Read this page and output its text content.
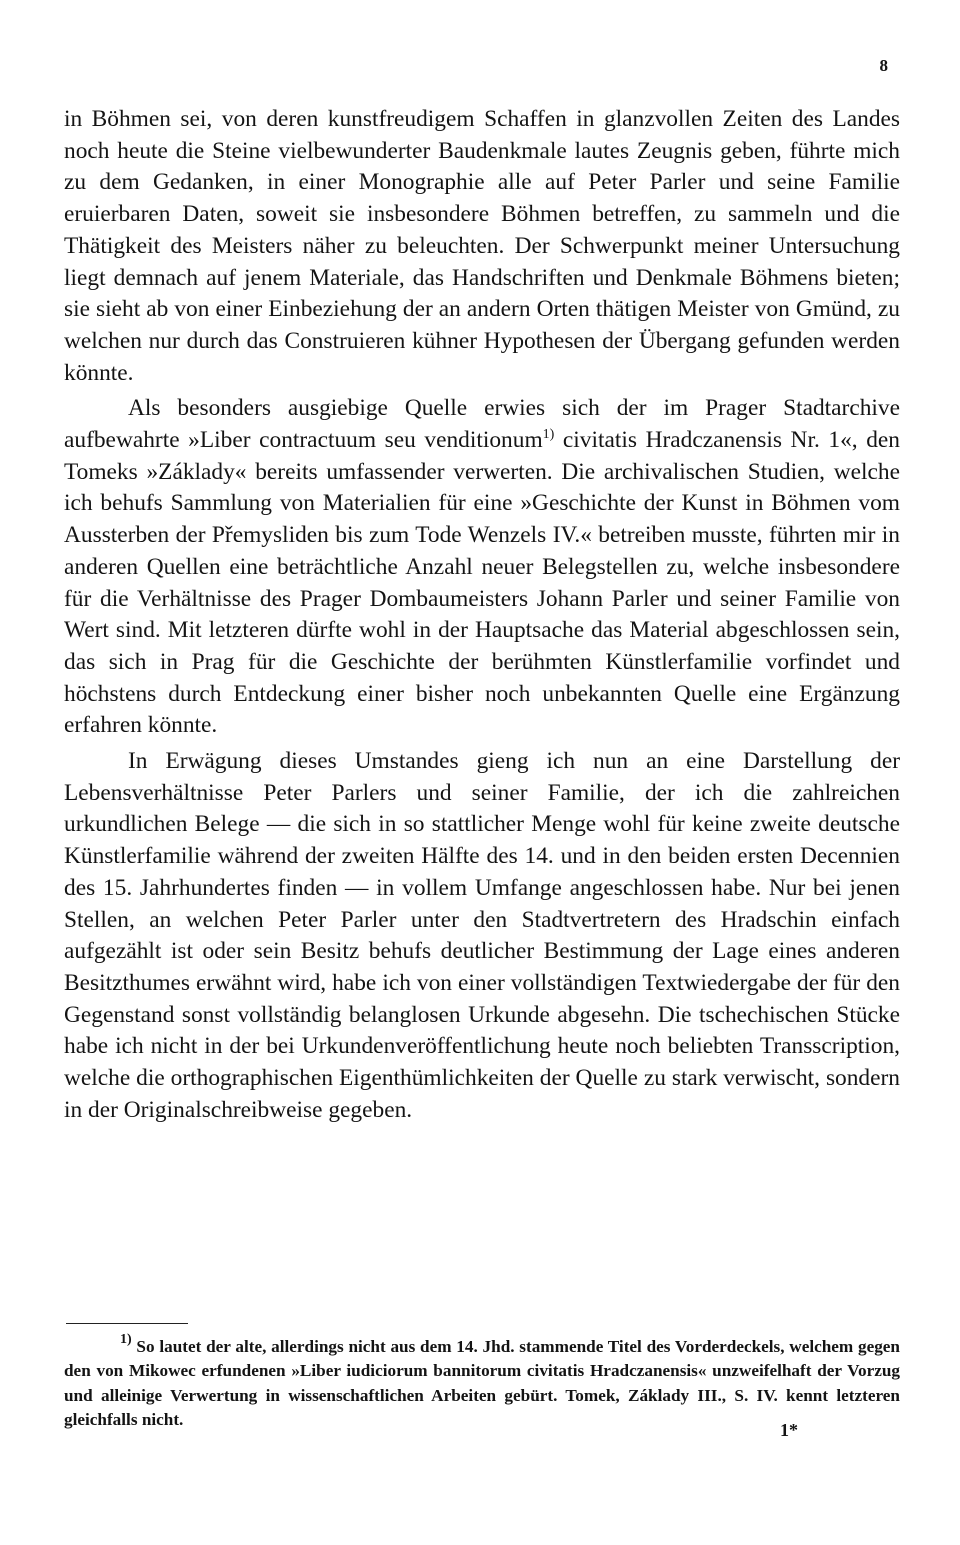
8

in Böhmen sei, von deren kunstfreudigem Schaffen in glanzvollen Zeiten des Landes noch heute die Steine vielbewunderter Baudenkmale lautes Zeugnis geben, führte mich zu dem Gedanken, in einer Monographie alle auf Peter Parler und seine Familie eruierbaren Daten, soweit sie insbesondere Böhmen betreffen, zu sammeln und die Thätigkeit des Meisters näher zu beleuchten. Der Schwerpunkt meiner Untersuchung liegt demnach auf jenem Materiale, das Handschriften und Denkmale Böhmens bieten; sie sieht ab von einer Einbeziehung der an andern Orten thätigen Meister von Gmünd, zu welchen nur durch das Construieren kühner Hypothesen der Übergang gefunden werden könnte.

Als besonders ausgiebige Quelle erwies sich der im Prager Stadtarchive aufbewahrte »Liber contractuum seu venditionum$^{1)}$ civitatis Hradczanensis Nr. 1«, den Tomeks »Základy« bereits umfassender verwerten. Die archivalischen Studien, welche ich behufs Sammlung von Materialien für eine »Geschichte der Kunst in Böhmen vom Aussterben der Přemysliden bis zum Tode Wenzels IV.« betreiben musste, führten mir in anderen Quellen eine beträchtliche Anzahl neuer Belegstellen zu, welche insbesondere für die Verhältnisse des Prager Dombaumeisters Johann Parler und seiner Familie von Wert sind. Mit letzteren dürfte wohl in der Hauptsache das Material abgeschlossen sein, das sich in Prag für die Geschichte der berühmten Künstlerfamilie vorfindet und höchstens durch Entdeckung einer bisher noch unbekannten Quelle eine Ergänzung erfahren könnte.

In Erwägung dieses Umstandes gieng ich nun an eine Darstellung der Lebensverhältnisse Peter Parlers und seiner Familie, der ich die zahlreichen urkundlichen Belege — die sich in so stattlicher Menge wohl für keine zweite deutsche Künstlerfamilie während der zweiten Hälfte des 14. und in den beiden ersten Decennien des 15. Jahrhundertes finden — in vollem Umfange angeschlossen habe. Nur bei jenen Stellen, an welchen Peter Parler unter den Stadtvertretern des Hradschin einfach aufgezählt ist oder sein Besitz behufs deutlicher Bestimmung der Lage eines anderen Besitzthumes erwähnt wird, habe ich von einer vollständigen Textwiedergabe der für den Gegenstand sonst vollständig belanglosen Urkunde abgesehn. Die tschechischen Stücke habe ich nicht in der bei Urkundenveröffentlichung heute noch beliebten Transscription, welche die orthographischen Eigenthümlichkeiten der Quelle zu stark verwischt, sondern in der Originalschreibweise gegeben.

$^{1)}$ So lautet der alte, allerdings nicht aus dem 14. Jhd. stammende Titel des Vorderdeckels, welchem gegen den von Mikowec erfundenen »Liber iudiciorum bannitorum civitatis Hradczanensis« unzweifelhaft der Vorzug und alleinige Verwertung in wissenschaftlichen Arbeiten gebürt. Tomek, Základy III., S. IV. kennt letzteren gleichfalls nicht.

1*
